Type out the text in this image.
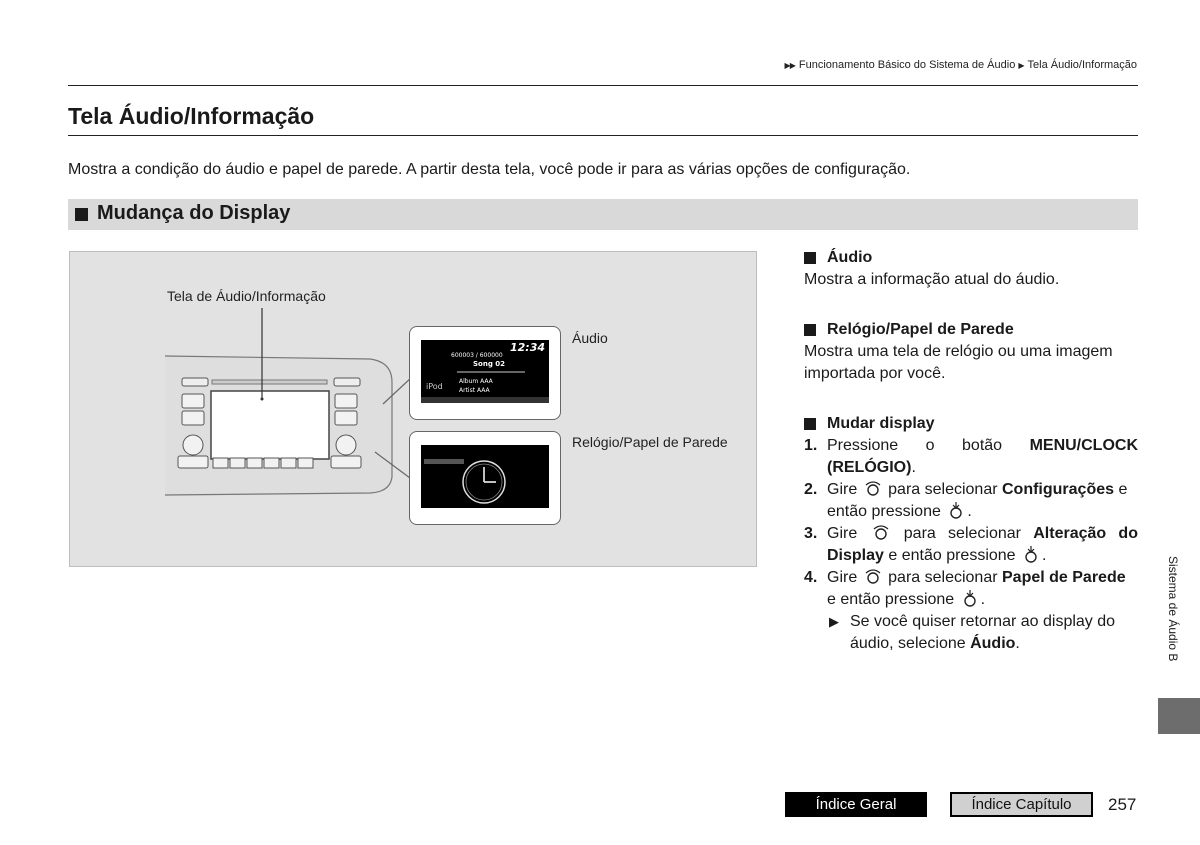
▶▶ Funcionamento Básico do Sistema de Áudio ▶ Tela Áudio/Informação
Tela Áudio/Informação
Mostra a condição do áudio e papel de parede. A partir desta tela, você pode ir para as várias opções de configuração.
Mudança do Display
Tela de Áudio/Informação
Áudio
Relógio/Papel de Parede
12:34
600003 / 600000
Song 02
iPod
Album AAA
Artist AAA
Áudio
Mostra a informação atual do áudio.
Relógio/Papel de Parede
Mostra uma tela de relógio ou uma imagem importada por você.
Mudar display
1. Pressione o botão MENU/CLOCK (RELÓGIO).
2. Gire para selecionar Configurações e então pressione .
3. Gire	para selecionar Alteração do Display e então pressione .
4. Gire para selecionar Papel de Parede e então pressione .
▶ Se você quiser retornar ao display do áudio, selecione Áudio.	Sistema de Áudio B
Índice Geral	Índice Capítulo	257
